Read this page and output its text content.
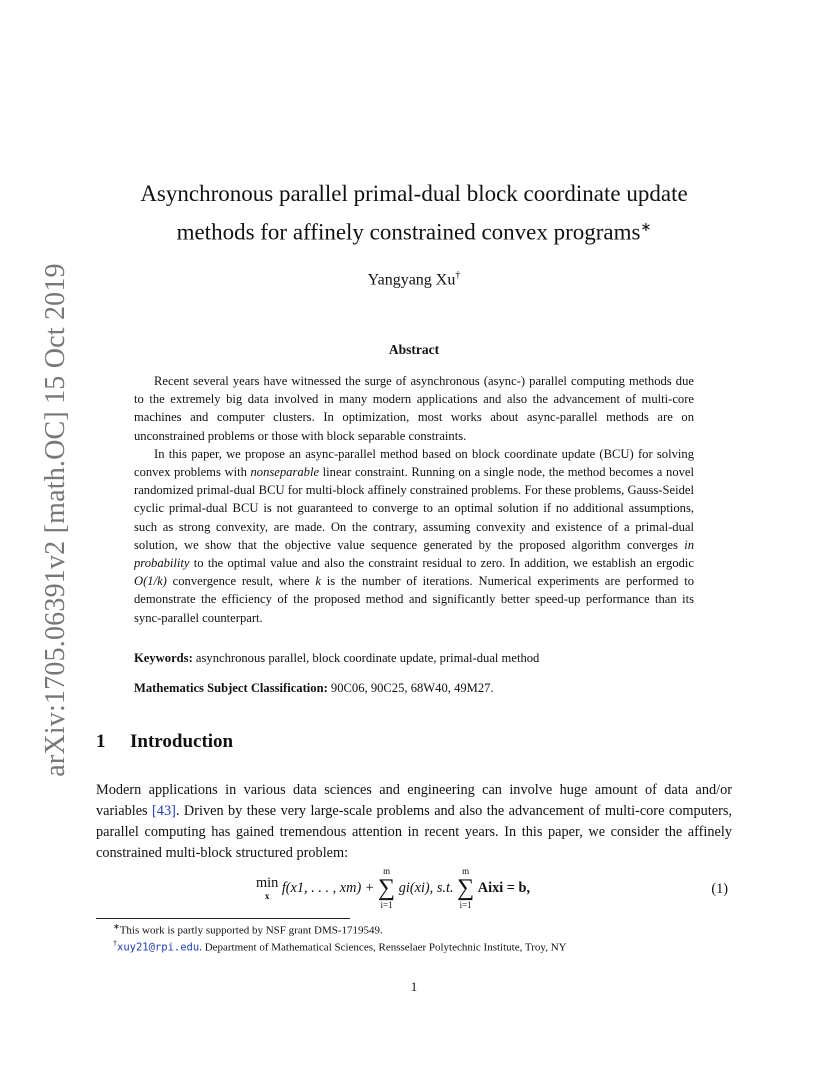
arXiv:1705.06391v2 [math.OC] 15 Oct 2019
Asynchronous parallel primal-dual block coordinate update
methods for affinely constrained convex programs∗
Yangyang Xu†
Abstract

Recent several years have witnessed the surge of asynchronous (async-) parallel computing methods due to the extremely big data involved in many modern applications and also the advancement of multi-core machines and computer clusters. In optimization, most works about async-parallel methods are on unconstrained problems or those with block separable constraints.

In this paper, we propose an async-parallel method based on block coordinate update (BCU) for solving convex problems with nonseparable linear constraint. Running on a single node, the method becomes a novel randomized primal-dual BCU for multi-block affinely constrained problems. For these problems, Gauss-Seidel cyclic primal-dual BCU is not guaranteed to converge to an optimal solution if no additional assumptions, such as strong convexity, are made. On the contrary, assuming convexity and existence of a primal-dual solution, we show that the objective value sequence generated by the proposed algorithm converges in probability to the optimal value and also the constraint residual to zero. In addition, we establish an ergodic O(1/k) convergence result, where k is the number of iterations. Numerical experiments are performed to demonstrate the efficiency of the proposed method and significantly better speed-up performance than its sync-parallel counterpart.

Keywords: asynchronous parallel, block coordinate update, primal-dual method
Mathematics Subject Classification: 90C06, 90C25, 68W40, 49M27.
1 Introduction

Modern applications in various data sciences and engineering can involve huge amount of data and/or variables [43]. Driven by these very large-scale problems and also the advancement of multi-core computers, parallel computing has gained tremendous attention in recent years. In this paper, we consider the affinely constrained multi-block structured problem:

min
x
f(x1, . . . , xm) +
m
∑
i=1
gi(xi), s.t.
m
∑
i=1
Aixi = b,	(1)
∗This work is partly supported by NSF grant DMS-1719549.
†xuy21@rpi.edu. Department of Mathematical Sciences, Rensselaer Polytechnic Institute, Troy, NY
1
